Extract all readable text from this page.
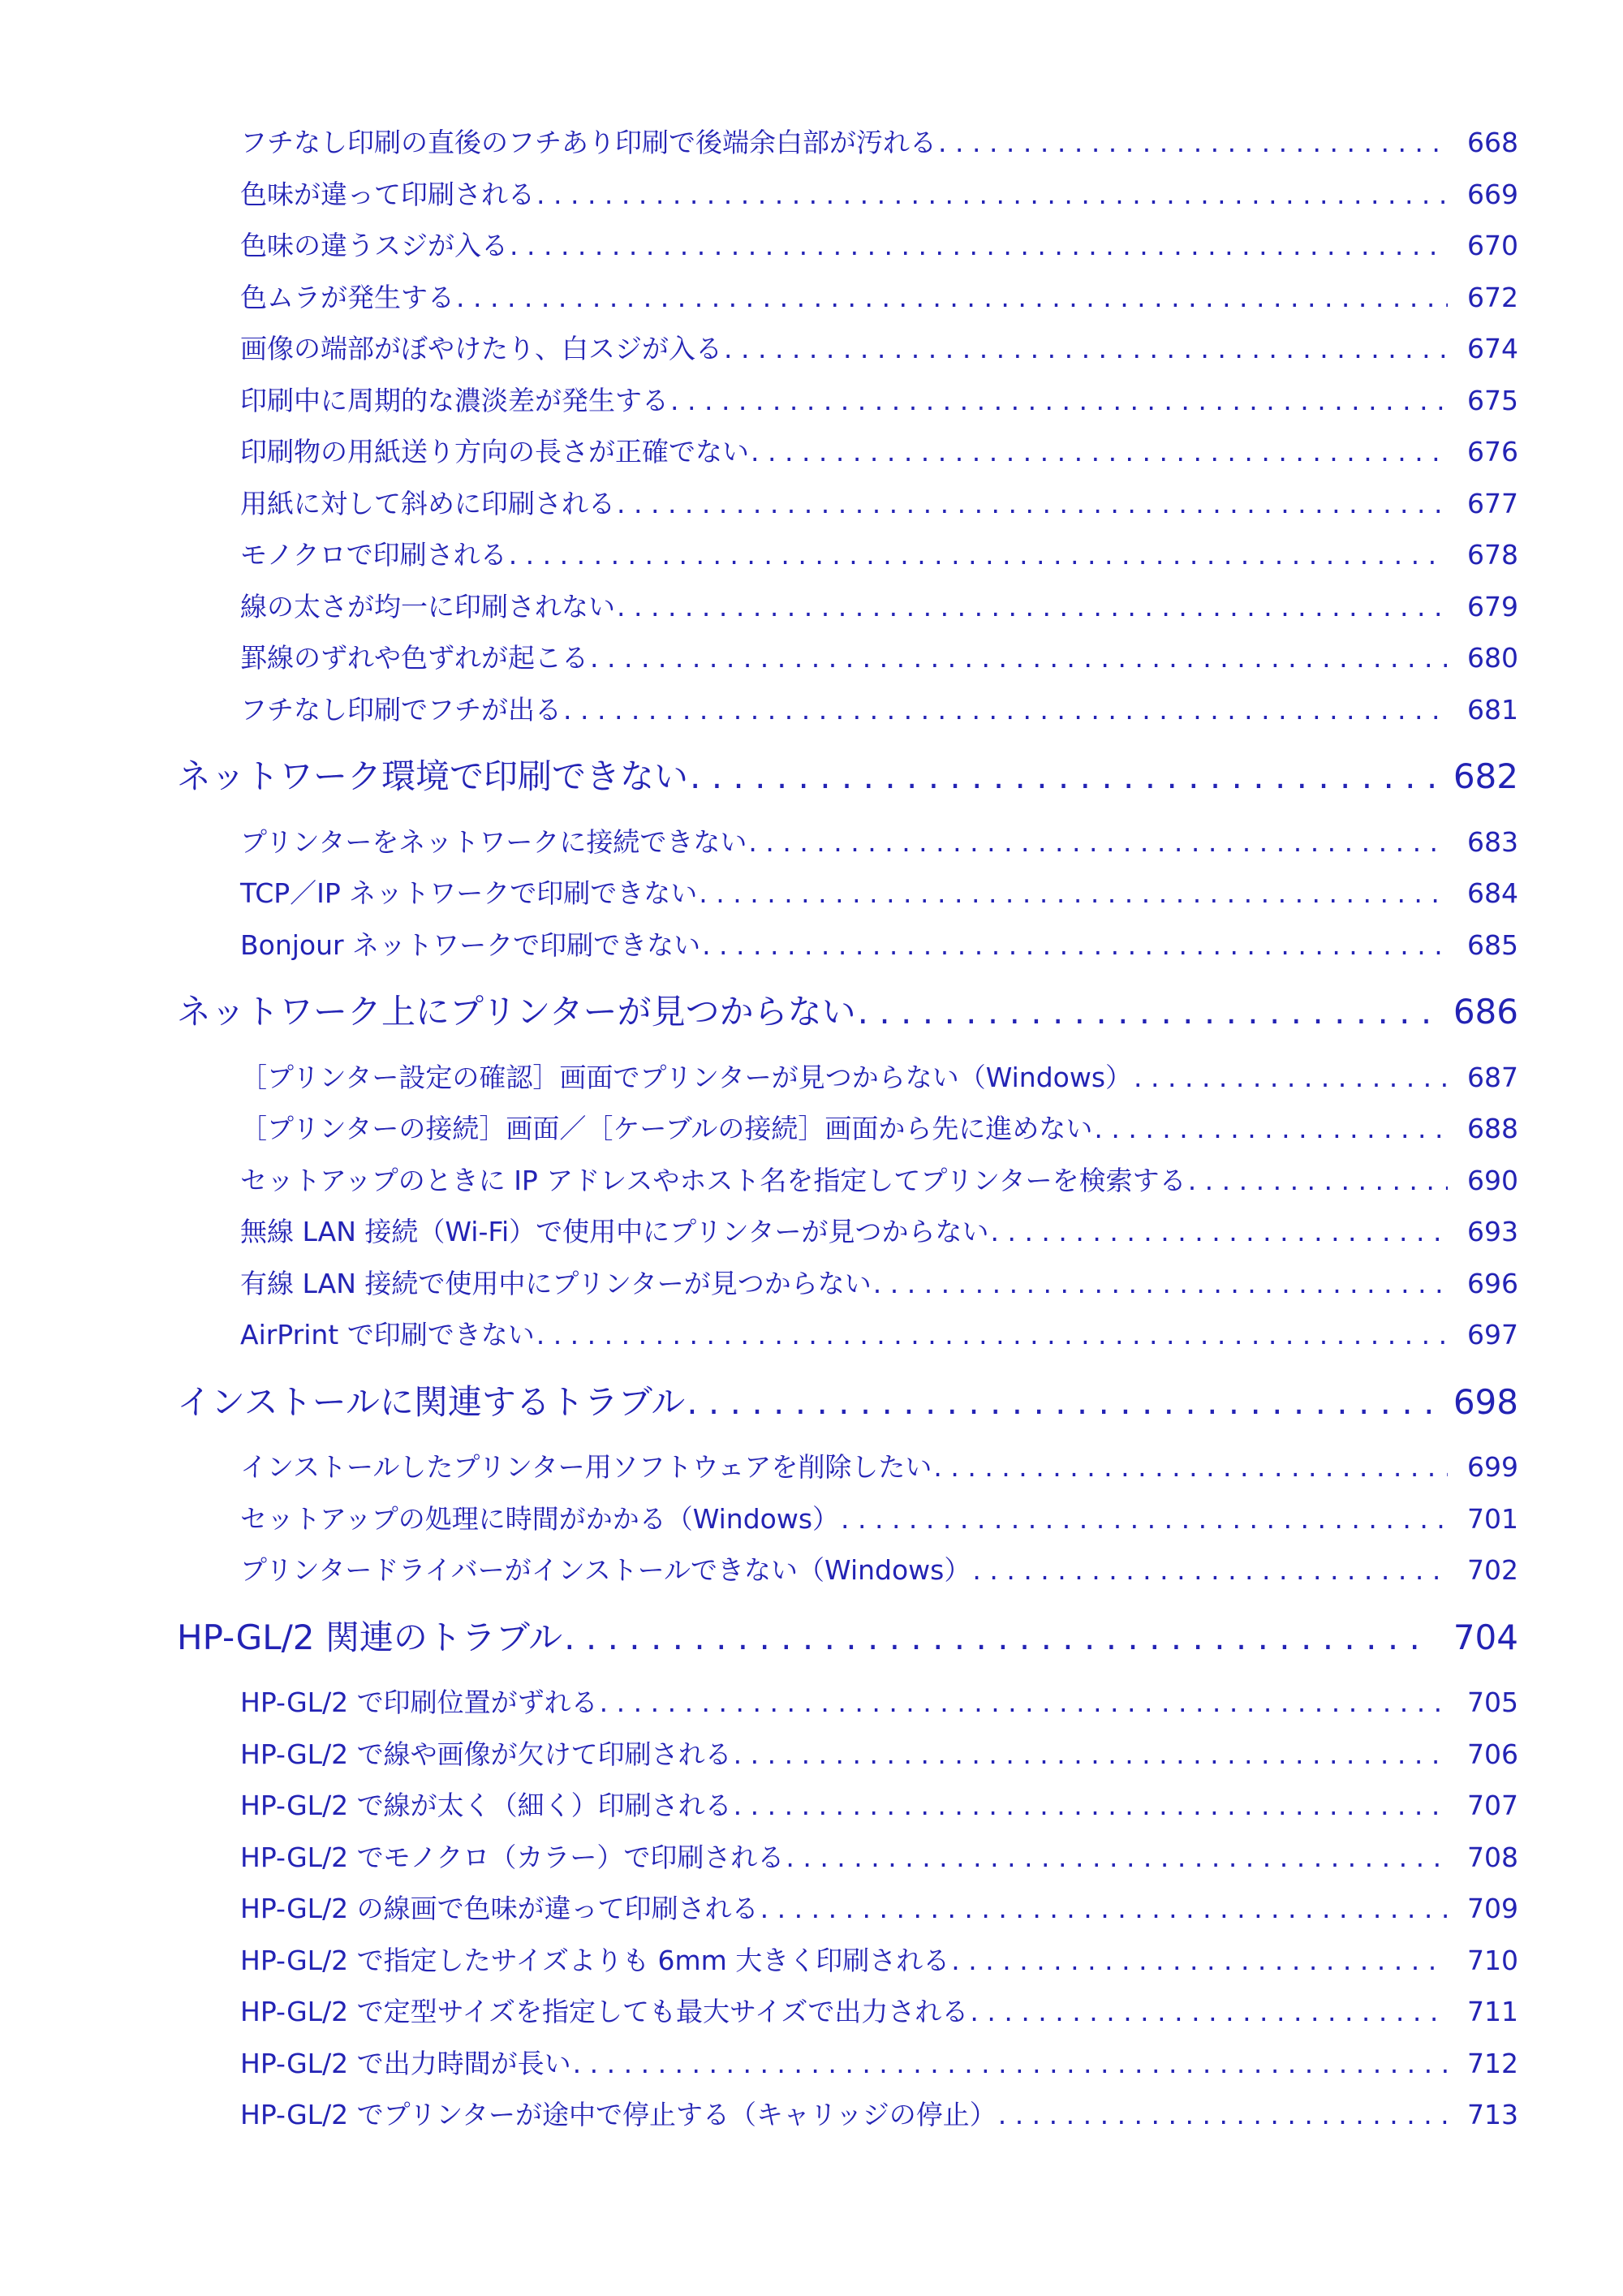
フチなし印刷の直後のフチあり印刷で後端余白部が汚れる . . .	668
色味が違って印刷される . . .	669
色味の違うスジが入る . . .	670
色ムラが発生する . . .	672
画像の端部がぼやけたり、白スジが入る . . .	674
印刷中に周期的な濃淡差が発生する . . .	675
印刷物の用紙送り方向の長さが正確でない . . .	676
用紙に対して斜めに印刷される . . .	677
モノクロで印刷される . . .	678
線の太さが均一に印刷されない . . .	679
罫線のずれや色ずれが起こる . . .	680
フチなし印刷でフチが出る . . .	681
ネットワーク環境で印刷できない . . .	682
プリンターをネットワークに接続できない . . .	683
TCP／IP ネットワークで印刷できない . . .	684
Bonjour ネットワークで印刷できない . . .	685
ネットワーク上にプリンターが見つからない . . .	686
［プリンター設定の確認］画面でプリンターが見つからない（Windows） . . .	687
［プリンターの接続］画面／［ケーブルの接続］画面から先に進めない . . .	688
セットアップのときに IP アドレスやホスト名を指定してプリンターを検索する . . .	690
無線 LAN 接続（Wi-Fi）で使用中にプリンターが見つからない . . .	693
有線 LAN 接続で使用中にプリンターが見つからない . . .	696
AirPrint で印刷できない . . .	697
インストールに関連するトラブル . . .	698
インストールしたプリンター用ソフトウェアを削除したい . . .	699
セットアップの処理に時間がかかる（Windows） . . .	701
プリンタードライバーがインストールできない（Windows） . . .	702
HP-GL/2 関連のトラブル . . .	704
HP-GL/2 で印刷位置がずれる . . .	705
HP-GL/2 で線や画像が欠けて印刷される . . .	706
HP-GL/2 で線が太く（細く）印刷される . . .	707
HP-GL/2 でモノクロ（カラー）で印刷される . . .	708
HP-GL/2 の線画で色味が違って印刷される . . .	709
HP-GL/2 で指定したサイズよりも 6mm 大きく印刷される . . .	710
HP-GL/2 で定型サイズを指定しても最大サイズで出力される . . .	711
HP-GL/2 で出力時間が長い . . .	712
HP-GL/2 でプリンターが途中で停止する（キャリッジの停止） . . .	713
